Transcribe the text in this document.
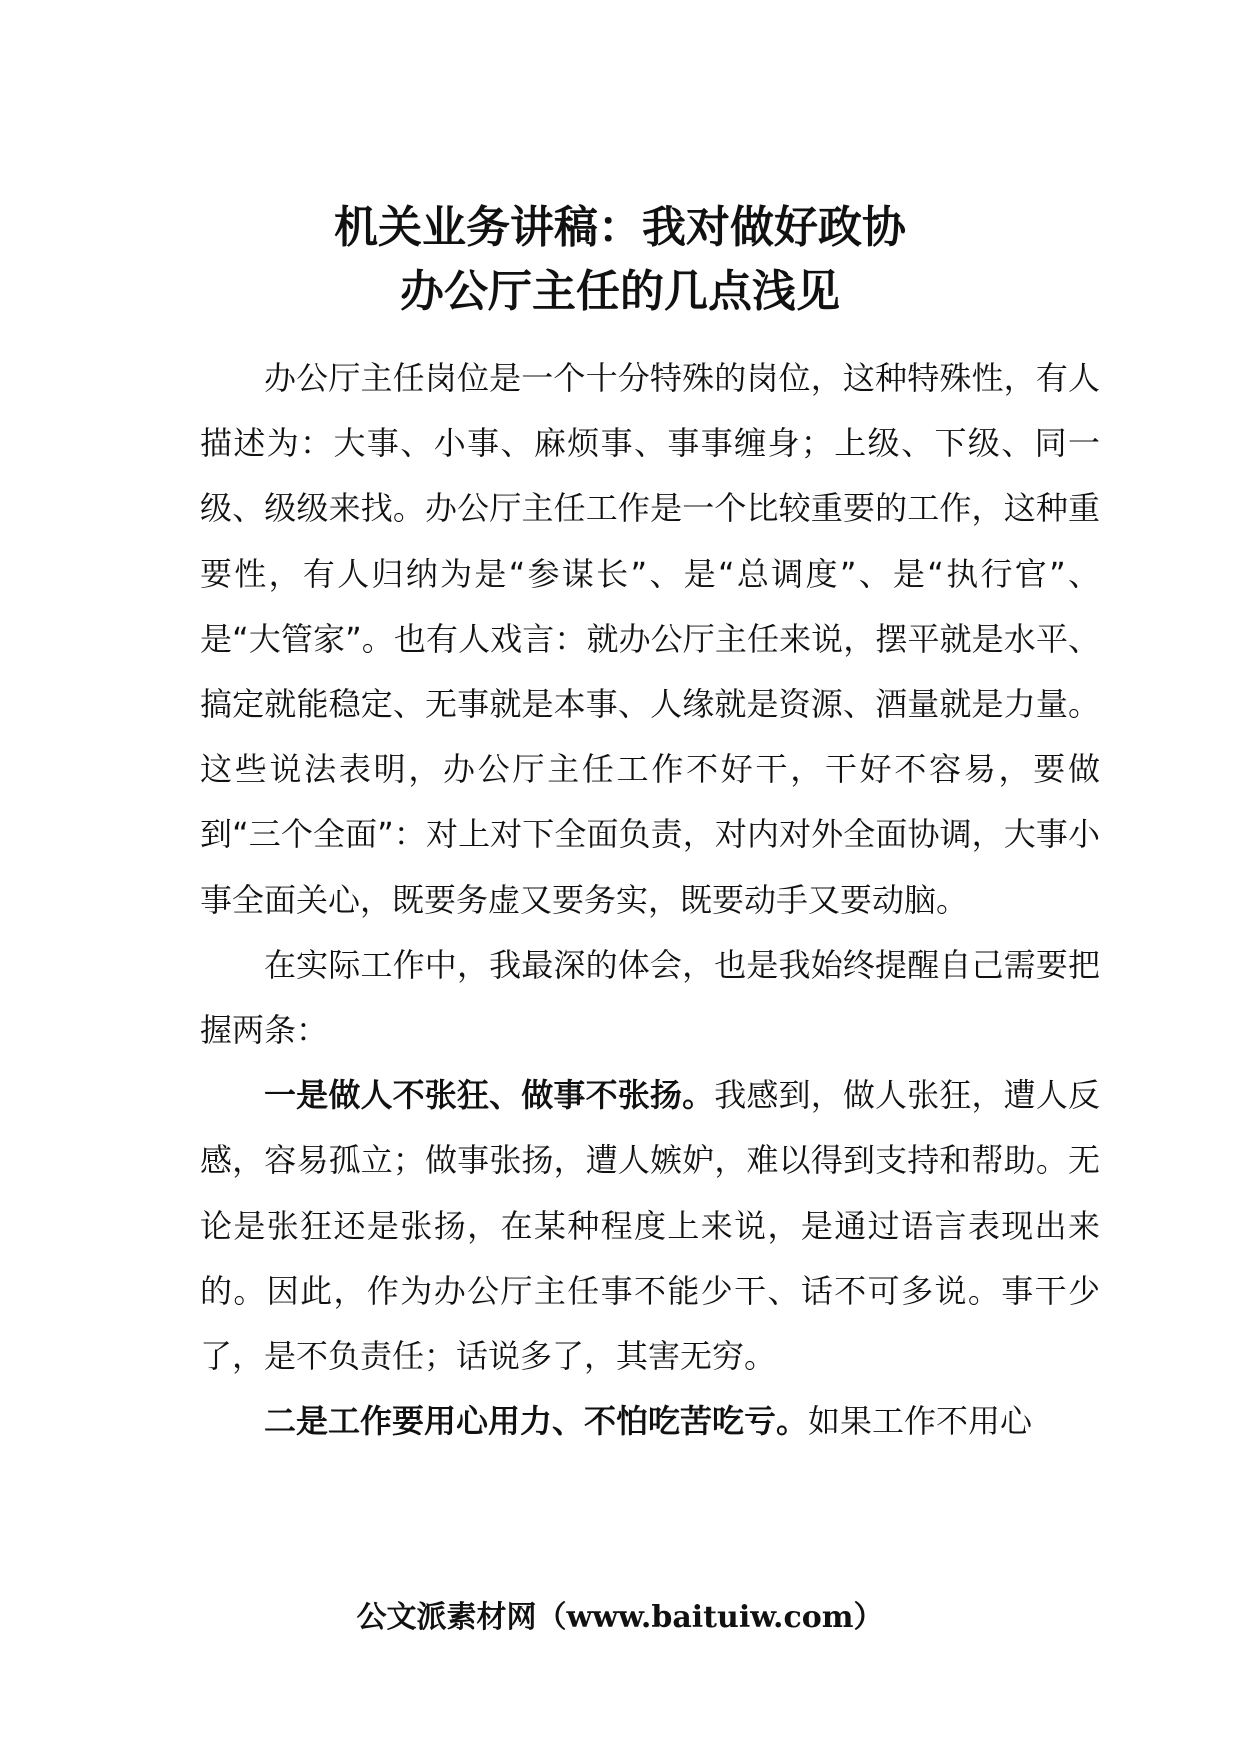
机关业务讲稿：我对做好政协
办公厅主任的几点浅见

办公厅主任岗位是一个十分特殊的岗位，这种特殊性，有人描述为：大事、小事、麻烦事、事事缠身；上级、下级、同一级、级级来找。办公厅主任工作是一个比较重要的工作，这种重要性，有人归纳为是“参谋长”、是“总调度”、是“执行官”、是“大管家”。也有人戏言：就办公厅主任来说，摆平就是水平、搞定就能稳定、无事就是本事、人缘就是资源、酒量就是力量。这些说法表明，办公厅主任工作不好干，干好不容易，要做到“三个全面”：对上对下全面负责，对内对外全面协调，大事小事全面关心，既要务虚又要务实，既要动手又要动脑。

在实际工作中，我最深的体会，也是我始终提醒自己需要把握两条：

一是做人不张狂、做事不张扬。我感到，做人张狂，遭人反感，容易孤立；做事张扬，遭人嫉妒，难以得到支持和帮助。无论是张狂还是张扬，在某种程度上来说，是通过语言表现出来的。因此，作为办公厅主任事不能少干、话不可多说。事干少了，是不负责任；话说多了，其害无穷。

二是工作要用心用力、不怕吃苦吃亏。如果工作不用心

公文派素材网（www.baituiw.com）
